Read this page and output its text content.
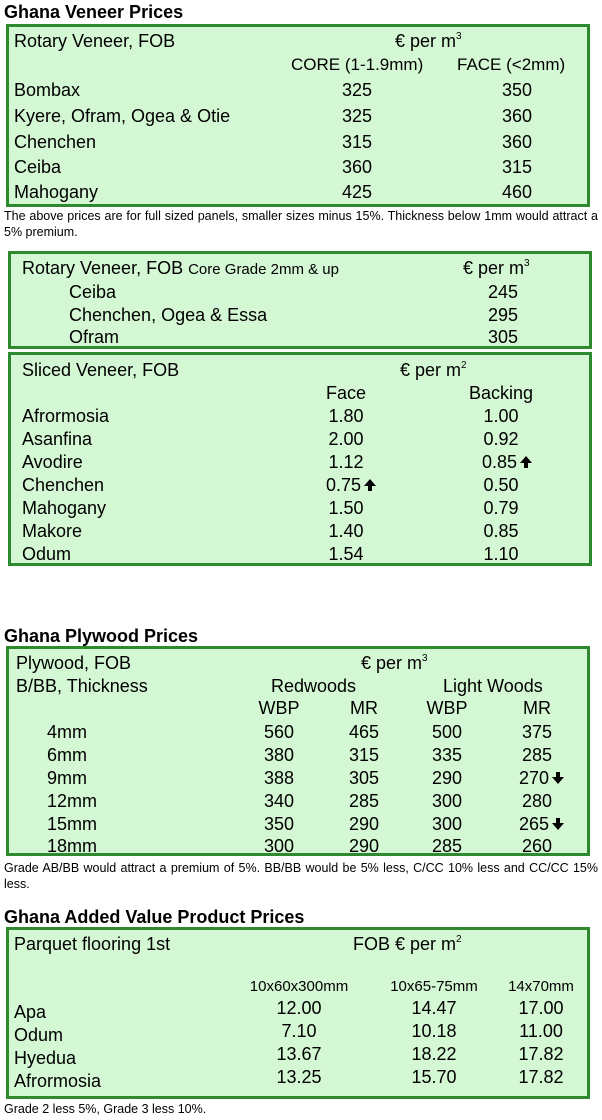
Ghana Veneer Prices
Rotary Veneer, FOB	€ per $m^3$
CORE (1-1.9mm) FACE (<2mm)
Bombax	325	350
Kyere, Ofram, Ogea & Otie	325	360
Chenchen	315	360
Ceiba	360	315
Mahogany	425	460
The above prices are for full sized panels, smaller sizes minus 15%. Thickness below 1mm would attract a 5% premium.
Rotary Veneer, FOB Core Grade 2mm & up	€ per $m^3$
Ceiba	245
Chenchen, Ogea & Essa	295
Ofram	305
Sliced Veneer, FOB	€ per $m^2$
Face	Backing
Afrormosia	1.80	1.00
Asanfina	2.00	0.92
Avodire	1.12	0.85
Chenchen	0.75	0.50
Mahogany	1.50	0.79
Makore	1.40	0.85
Odum	1.54	1.10
Ghana Plywood Prices
Plywood, FOB	€ per $m^3$
B/BB, Thickness	Redwoods	Light Woods
WBP	MR	WBP	MR
4mm	560	465	500	375
6mm	380	315	335	285
9mm	388	305	290	270
12mm	340	285	300	280
15mm	350	290	300	265
18mm	300	290	285	260
Grade AB/BB would attract a premium of 5%. BB/BB would be 5% less, C/CC 10% less and CC/CC 15% less.
Ghana Added Value Product Prices
Parquet flooring 1st	FOB € per $m^2$
10x60x300mm	10x65-75mm	14x70mm
Apa	12.00	14.47	17.00
Odum	7.10	10.18	11.00
Hyedua	13.67	18.22	17.82
Afrormosia	13.25	15.70	17.82
Grade 2 less 5%, Grade 3 less 10%.
